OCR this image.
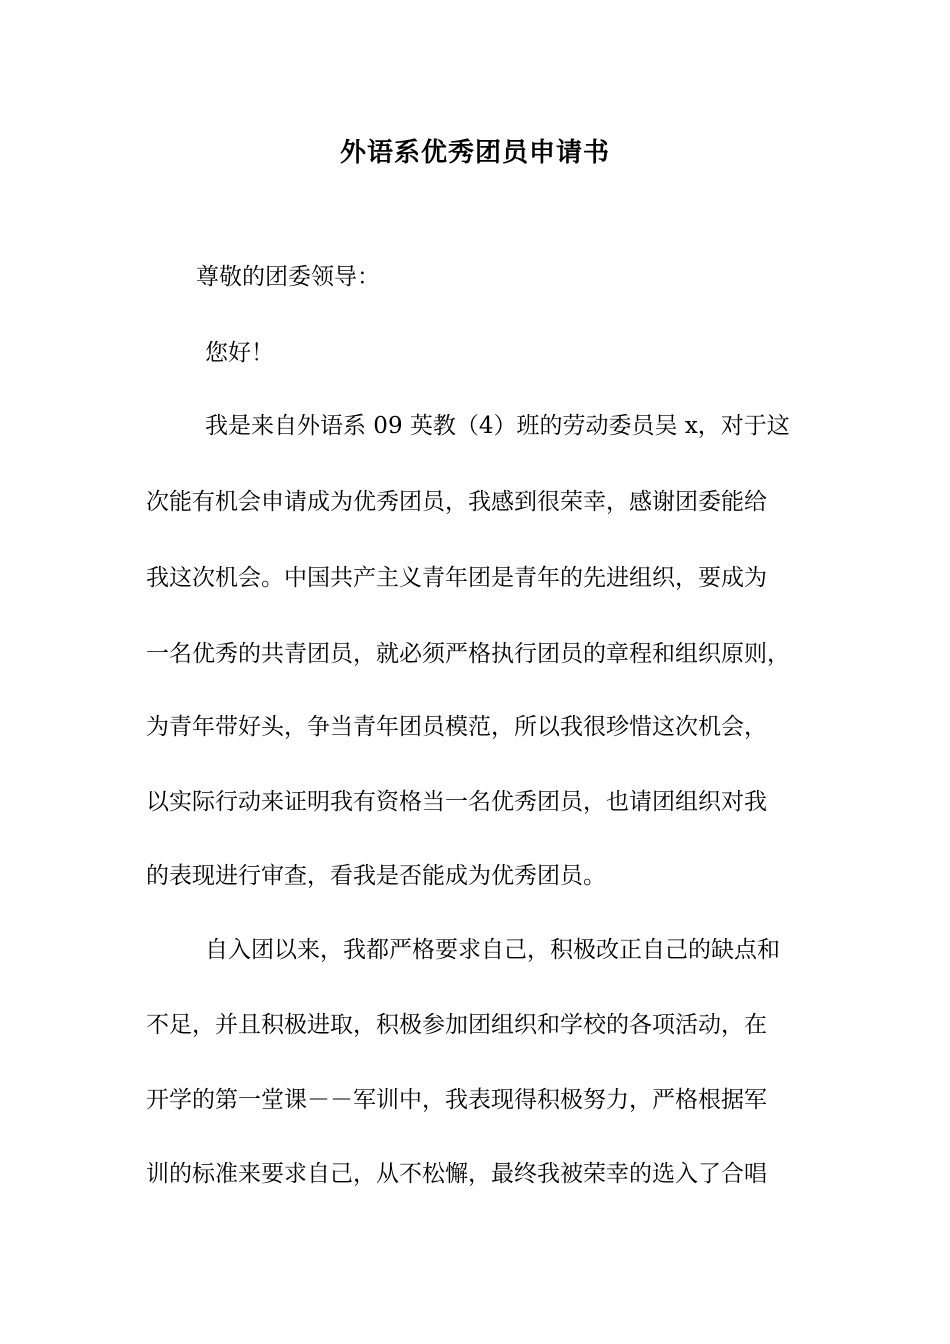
外语系优秀团员申请书
尊敬的团委领导：
您好！
我是来自外语系 09 英教（4）班的劳动委员吴 x，对于这
次能有机会申请成为优秀团员，我感到很荣幸，感谢团委能给
我这次机会。中国共产主义青年团是青年的先进组织，要成为
一名优秀的共青团员，就必须严格执行团员的章程和组织原则，
为青年带好头，争当青年团员模范，所以我很珍惜这次机会，
以实际行动来证明我有资格当一名优秀团员，也请团组织对我
的表现进行审查，看我是否能成为优秀团员。
自入团以来，我都严格要求自己，积极改正自己的缺点和
不足，并且积极进取，积极参加团组织和学校的各项活动，在
开学的第一堂课－－军训中，我表现得积极努力，严格根据军
训的标准来要求自己，从不松懈，最终我被荣幸的选入了合唱
